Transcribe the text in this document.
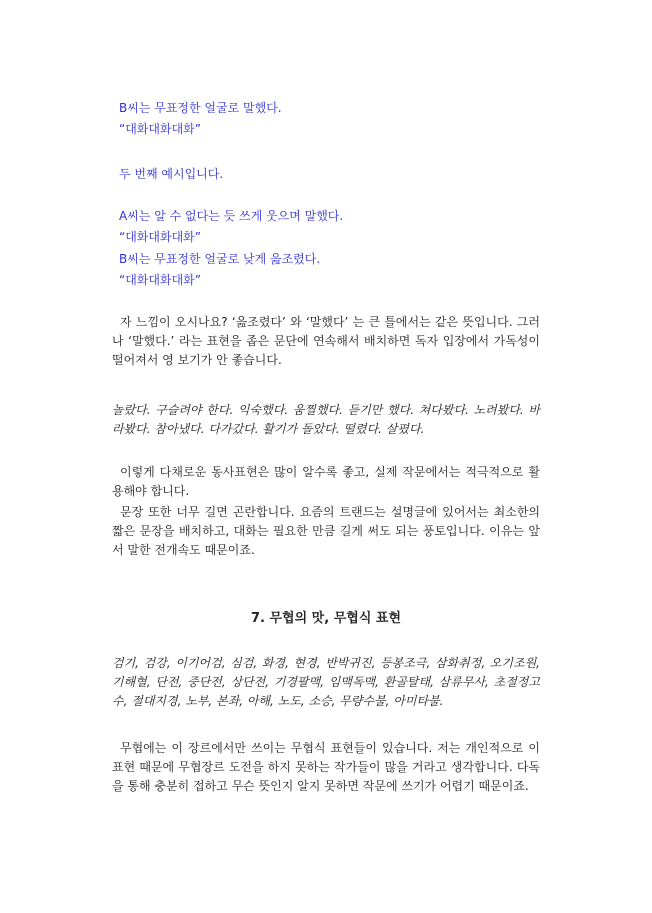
B씨는 무표정한 얼굴로 말했다.
“대화대화대화”
두 번째 예시입니다.
A씨는 알 수 없다는 듯 쓰게 웃으며 말했다.
“대화대화대화”
B씨는 무표정한 얼굴로 낮게 읊조렸다.
“대화대화대화”
자 느낌이 오시나요? ‘읊조렸다’ 와 ‘말했다’ 는 큰 틀에서는 같은 뜻입니다. 그러나 ‘말했다.’ 라는 표현을 좁은 문단에 연속해서 배치하면 독자 입장에서 가독성이 떨어져서 영 보기가 안 좋습니다.
놀랐다. 구슬려야 한다. 익숙했다. 움찔했다. 듣기만 했다. 쳐다봤다. 노려봤다. 바라봤다. 참아냈다. 다가갔다. 활기가 돌았다. 떨렸다. 살폈다.
이렇게 다채로운 동사표현은 많이 알수록 좋고, 실제 작문에서는 적극적으로 활용해야 합니다.
문장 또한 너무 길면 곤란합니다. 요즘의 트랜드는 설명글에 있어서는 최소한의 짧은 문장을 배치하고, 대화는 필요한 만큼 길게 써도 되는 풍토입니다. 이유는 앞서 말한 전개속도 때문이죠.
7. 무협의 맛, 무협식 표현
검기, 검강, 이기어검, 심검, 화경, 현경, 반박귀진, 등봉조극, 삼화취정, 오기조원, 기해혈, 단전, 중단전, 상단전, 기경팔맥, 임맥독맥, 환골탈태, 삼류무사, 초절정고수, 절대지경, 노부, 본좌, 아해, 노도, 소승, 무량수불, 아미타불.
무협에는 이 장르에서만 쓰이는 무협식 표현들이 있습니다. 저는 개인적으로 이 표현 때문에 무협장르 도전을 하지 못하는 작가들이 많을 거라고 생각합니다. 다독을 통해 충분히 접하고 무슨 뜻인지 알지 못하면 작문에 쓰기가 어렵기 때문이죠.
